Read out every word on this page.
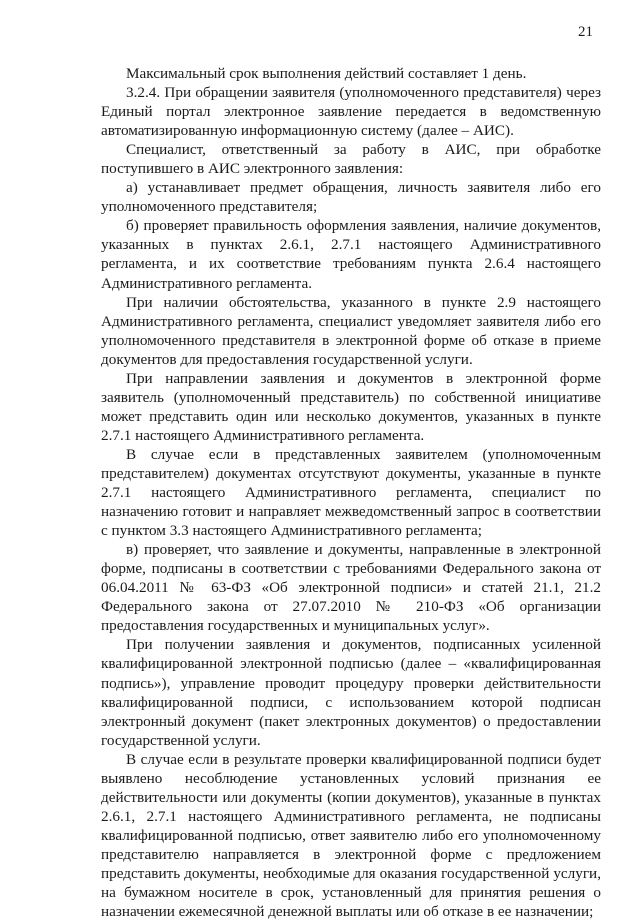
21

Максимальный срок выполнения действий составляет 1 день.

3.2.4. При обращении заявителя (уполномоченного представителя) через Единый портал электронное заявление передается в ведомственную автоматизированную информационную систему (далее – АИС).

Специалист, ответственный за работу в АИС, при обработке поступившего в АИС электронного заявления:

а) устанавливает предмет обращения, личность заявителя либо его уполномоченного представителя;

б) проверяет правильность оформления заявления, наличие документов, указанных в пунктах 2.6.1, 2.7.1 настоящего Административного регламента, и их соответствие требованиям пункта 2.6.4 настоящего Административного регламента.

При наличии обстоятельства, указанного в пункте 2.9 настоящего Административного регламента, специалист уведомляет заявителя либо его уполномоченного представителя в электронной форме об отказе в приеме документов для предоставления государственной услуги.

При направлении заявления и документов в электронной форме заявитель (уполномоченный представитель) по собственной инициативе может представить один или несколько документов, указанных в пункте 2.7.1 настоящего Административного регламента.

В случае если в представленных заявителем (уполномоченным представителем) документах отсутствуют документы, указанные в пункте 2.7.1 настоящего Административного регламента, специалист по назначению готовит и направляет межведомственный запрос в соответствии с пунктом 3.3 настоящего Административного регламента;

в) проверяет, что заявление и документы, направленные в электронной форме, подписаны в соответствии с требованиями Федерального закона от 06.04.2011 № 63-ФЗ «Об электронной подписи» и статей 21.1, 21.2 Федерального закона от 27.07.2010 № 210-ФЗ «Об организации предоставления государственных и муниципальных услуг».

При получении заявления и документов, подписанных усиленной квалифицированной электронной подписью (далее – «квалифицированная подпись»), управление проводит процедуру проверки действительности квалифицированной подписи, с использованием которой подписан электронный документ (пакет электронных документов) о предоставлении государственной услуги.

В случае если в результате проверки квалифицированной подписи будет выявлено несоблюдение установленных условий признания ее действительности или документы (копии документов), указанные в пунктах 2.6.1, 2.7.1 настоящего Административного регламента, не подписаны квалифицированной подписью, ответ заявителю либо его уполномоченному представителю направляется в электронной форме с предложением представить документы, необходимые для оказания государственной услуги, на бумажном носителе в срок, установленный для принятия решения о назначении ежемесячной денежной выплаты или об отказе в ее назначении;
